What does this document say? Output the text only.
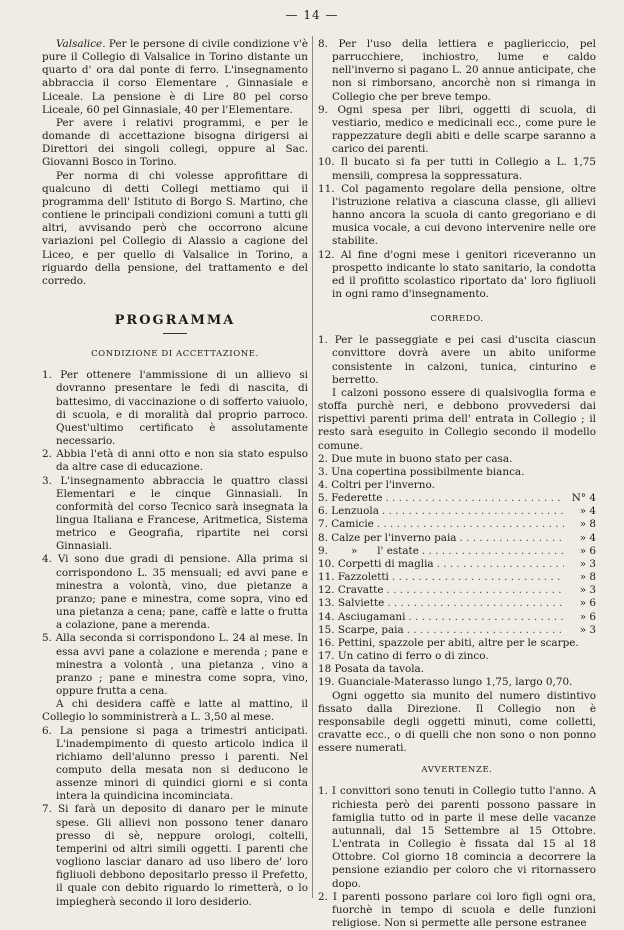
— 14 —

Valsalice. Per le persone di civile condizione v'è pure il Collegio di Valsalice in Torino distante un quarto d' ora dal ponte di ferro. L'insegnamento abbraccia il corso Elementare , Ginnasiale e Liceale. La pensione è di Lire 80 pel corso Liceale, 60 pel Ginnasiale, 40 per l'Elementare.

Per avere i relativi programmi, e per le domande di accettazione bisogna dirigersi ai Direttori dei singoli collegi, oppure al Sac. Giovanni Bosco in Torino.

Per norma di chi volesse approfittare di qualcuno di detti Collegi mettiamo qui il programma dell' Istituto di Borgo S. Martino, che contiene le principali condizioni comuni a tutti gli altri, avvisando però che occorrono alcune variazioni pel Collegio di Alassio a cagione del Liceo, e per quello di Valsalice in Torino, a riguardo della pensione, del trattamento e del corredo.

PROGRAMMA
CONDIZIONE DI ACCETTAZIONE.

1. Per ottenere l'ammissione di un allievo si dovranno presentare le fedi di nascita, di battesimo, di vaccinazione o di sofferto vaiuolo, di scuola, e di moralità dal proprio parroco. Quest'ultimo certificato è assolutamente necessario.

2. Abbia l'età di anni otto e non sia stato espulso da altre case di educazione.

3. L'insegnamento abbraccia le quattro classi Elementari e le cinque Ginnasiali. In conformità del corso Tecnico sarà insegnata la lingua Italiana e Francese, Aritmetica, Sistema metrico e Geografia, ripartite nei corsi Ginnasiali.

4. Vi sono due gradi di pensione. Alla prima si corrispondono L. 35 mensuali; ed avvi pane e minestra a volontà, vino, due pietanze a pranzo; pane e minestra, come sopra, vino ed una pietanza a cena; pane, caffè e latte o frutta a colazione, pane a merenda.

5. Alla seconda si corrispondono L. 24 al mese. In essa avvi pane a colazione e merenda ; pane e minestra a volontà , una pietanza , vino a pranzo ; pane e minestra come sopra, vino, oppure frutta a cena.

A chi desidera caffè e latte al mattino, il Collegio lo somministrerà a L. 3,50 al mese.

6. La pensione si paga a trimestri anticipati. L'inadempimento di questo articolo indica il richiamo dell'alunno presso i parenti. Nel computo della mesata non si deducono le assenze minori di quindici giorni e si conta intera la quindicina incominciata.

7. Si farà un deposito di danaro per le minute spese. Gli allievi non possono tener danaro presso di sè, neppure orologi, coltelli, temperini od altri simili oggetti. I parenti che vogliono lasciar danaro ad uso libero de' loro figliuoli debbono depositarlo presso il Prefetto, il quale con debito riguardo lo rimetterà, o lo impiegherà secondo il loro desiderio.

8. Per l'uso della lettiera e pagliericcio, pel parrucchiere, inchiostro, lume e caldo nell'inverno si pagano L. 20 annue anticipate, che non si rimborsano, ancorchè non si rimanga in Collegio che per breve tempo.

9. Ogni spesa per libri, oggetti di scuola, di vestiario, medico e medicinali ecc., come pure le rappezzature degli abiti e delle scarpe saranno a carico dei parenti.

10. Il bucato si fa per tutti in Collegio a L. 1,75 mensili, compresa la soppressatura.

11. Col pagamento regolare della pensione, oltre l'istruzione relativa a ciascuna classe, gli allievi hanno ancora la scuola di canto gregoriano e di musica vocale, a cui devono intervenire nelle ore stabilite.

12. Al fine d'ogni mese i genitori riceveranno un prospetto indicante lo stato sanitario, la condotta ed il profitto scolastico riportato da' loro figliuoli in ogni ramo d'insegnamento.

CORREDO.

1. Per le passeggiate e pei casi d'uscita ciascun convittore dovrà avere un abito uniforme consistente in calzoni, tunica, cinturino e berretto.

I calzoni possono essere di qualsivoglia forma e stoffa purchè neri, e debbono provvedersi dai rispettivi parenti prima dell' entrata in Collegio ; il resto sarà eseguito in Collegio secondo il modello comune.

2. Due mute in buono stato per casa.

3. Una copertina possibilmente bianca.

4. Coltri per l'inverno.

5. Federette . . .	N° 4
6. Lenzuola . . .	» 4
7. Camicie . . .	» 8
8. Calze per l'inverno paia . . .	» 4
9.       »      l' estate . . .	» 6
10. Corpetti di maglia . . .	» 3
11. Fazzoletti . . .	» 8
12. Cravatte . . .	» 3
13. Salviette . . .	» 6
14. Asciugamani . . .	» 6
15. Scarpe, paia . . .	» 3

16. Pettini, spazzole per abiti, altre per le scarpe.

17. Un catino di ferro o di zinco.

18 Posata da tavola.

19. Guanciale-Materasso lungo 1,75, largo 0,70.

Ogni oggetto sia munito del numero distintivo fissato dalla Direzione. Il Collegio non è responsabile degli oggetti minuti, come colletti, cravatte ecc., o di quelli che non sono o non ponno essere numerati.

AVVERTENZE.

1. I convittori sono tenuti in Collegio tutto l'anno. A richiesta però dei parenti possono passare in famiglia tutto od in parte il mese delle vacanze autunnali, dal 15 Settembre al 15 Ottobre. L'entrata in Collegio è fissata dal 15 al 18 Ottobre. Col giorno 18 comincia a decorrere la pensione eziandio per coloro che vi ritornassero dopo.

2. I parenti possono parlare coi loro figli ogni ora, fuorchè in tempo di scuola e delle funzioni religiose. Non si permette alle persone estranee
